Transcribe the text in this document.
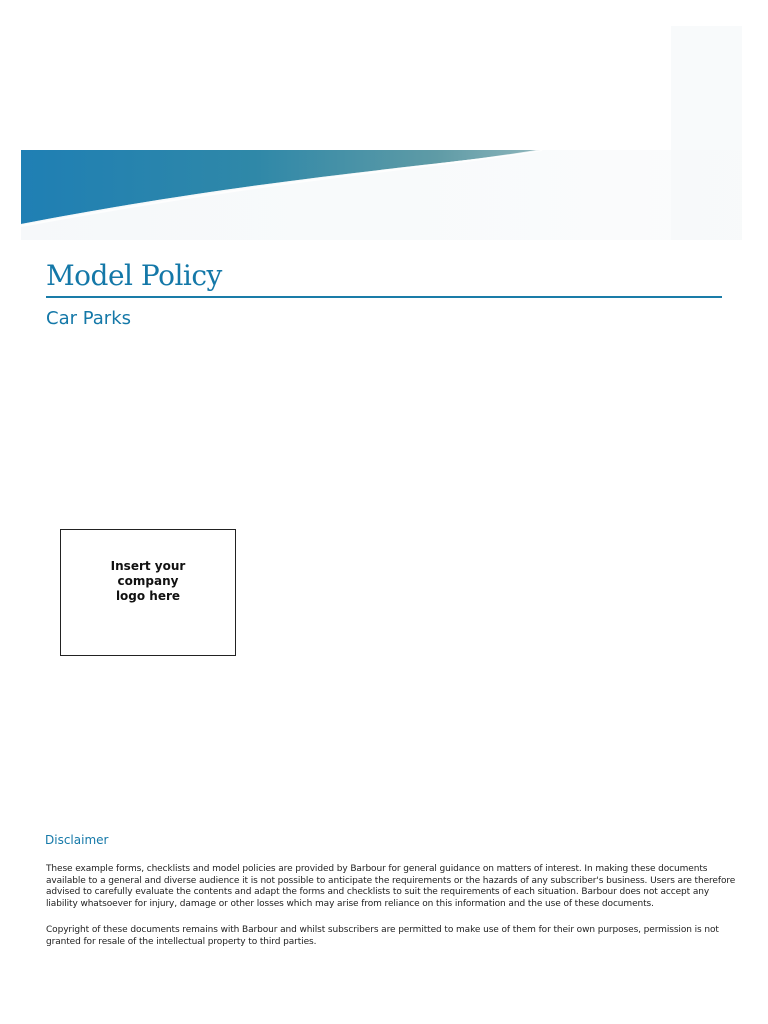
Model Policy
Car Parks
Insert your
company
logo here
Disclaimer

These example forms, checklists and model policies are provided by Barbour for general guidance on matters of interest. In making these documents available to a general and diverse audience it is not possible to anticipate the requirements or the hazards of any subscriber's business. Users are therefore advised to carefully evaluate the contents and adapt the forms and checklists to suit the requirements of each situation. Barbour does not accept any liability whatsoever for injury, damage or other losses which may arise from reliance on this information and the use of these documents.

Copyright of these documents remains with Barbour and whilst subscribers are permitted to make use of them for their own purposes, permission is not granted for resale of the intellectual property to third parties.
